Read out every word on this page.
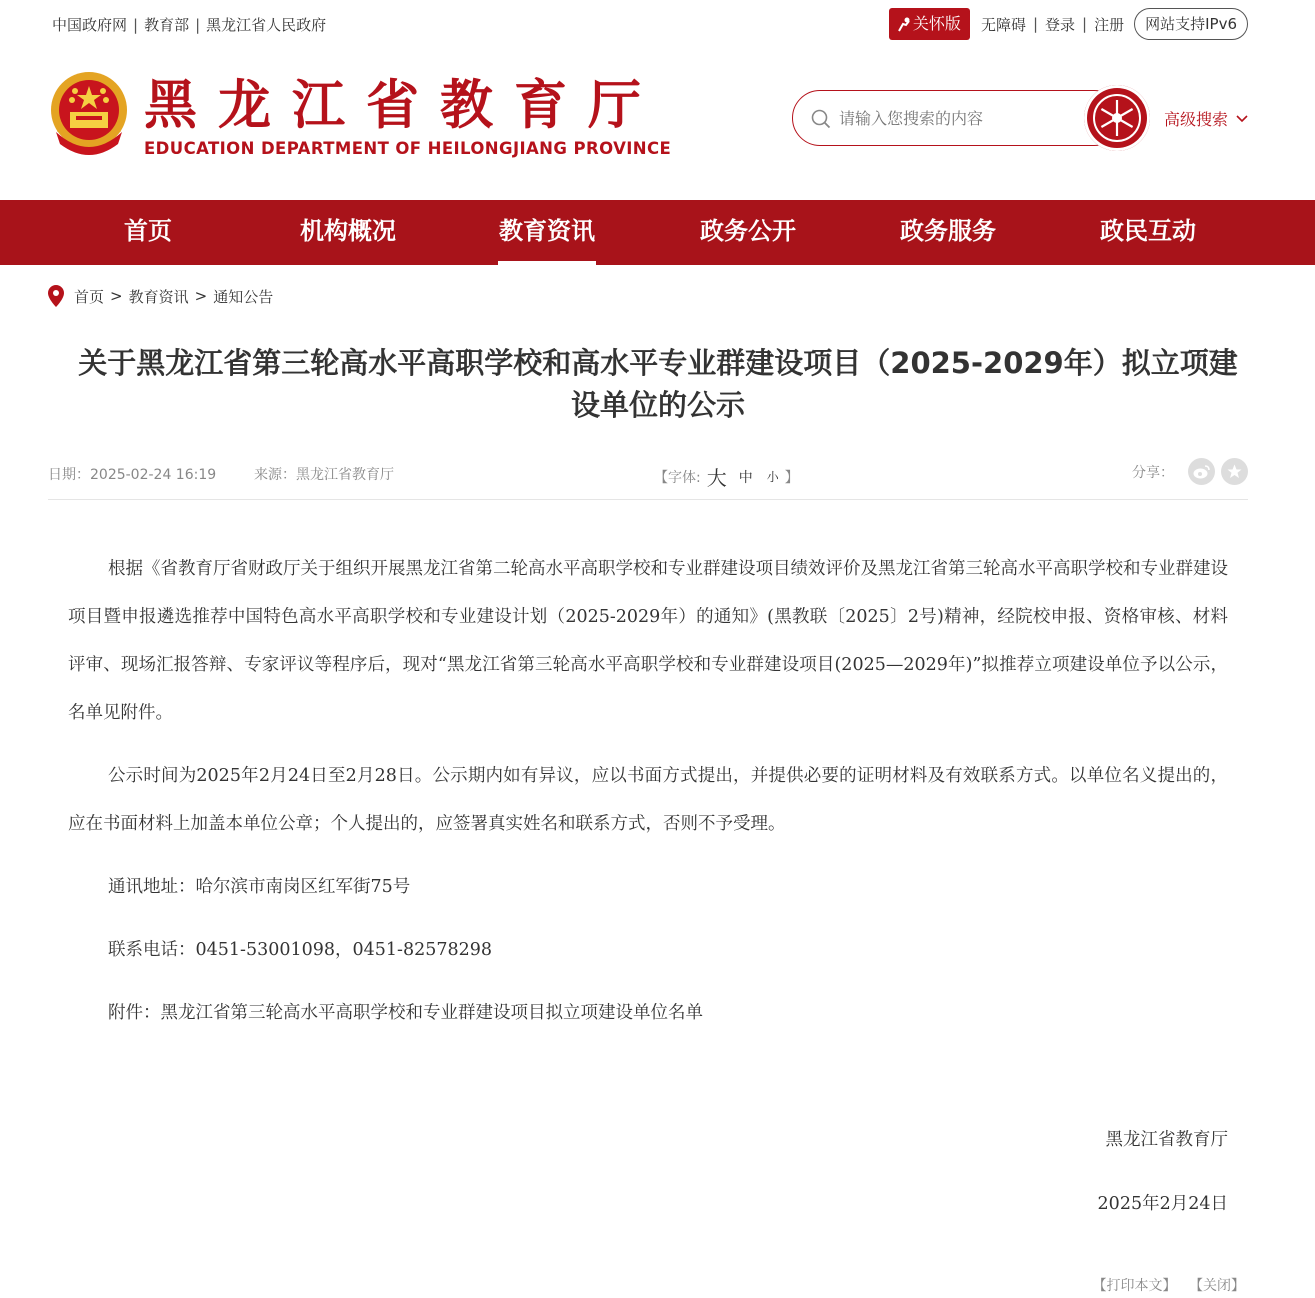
中国政府网 | 教育部 | 黑龙江省人民政府	关怀版 无障碍 | 登录 | 注册	网站支持IPv6
黑龙江省教育厅
EDUCATION DEPARTMENT OF HEILONGJIANG PROVINCE
请输入您搜索的内容
高级搜索
首页	机构概况	教育资讯	政务公开	政务服务	政民互动
首页 > 教育资讯 > 通知公告
关于黑龙江省第三轮高水平高职学校和高水平专业群建设项目（2025-2029年）拟立项建
设单位的公示
日期：2025-02-24 16:19	来源：黑龙江省教育厅	【字体: 大 中 小 】	分享：

根据《省教育厅省财政厅关于组织开展黑龙江省第二轮高水平高职学校和专业群建设项目绩效评价及黑龙江省第三轮高水平高职学校和专业群建设项目暨申报遴选推荐中国特色高水平高职学校和专业建设计划（2025-2029年）的通知》(黑教联〔2025〕2号)精神，经院校申报、资格审核、材料评审、现场汇报答辩、专家评议等程序后，现对“黑龙江省第三轮高水平高职学校和专业群建设项目(2025—2029年)”拟推荐立项建设单位予以公示，名单见附件。

公示时间为2025年2月24日至2月28日。公示期内如有异议，应以书面方式提出，并提供必要的证明材料及有效联系方式。以单位名义提出的，应在书面材料上加盖本单位公章；个人提出的，应签署真实姓名和联系方式，否则不予受理。

通讯地址：哈尔滨市南岗区红军街75号

联系电话：0451-53001098，0451-82578298

附件：黑龙江省第三轮高水平高职学校和专业群建设项目拟立项建设单位名单

黑龙江省教育厅
2025年2月24日
【打印本文】 【关闭】
